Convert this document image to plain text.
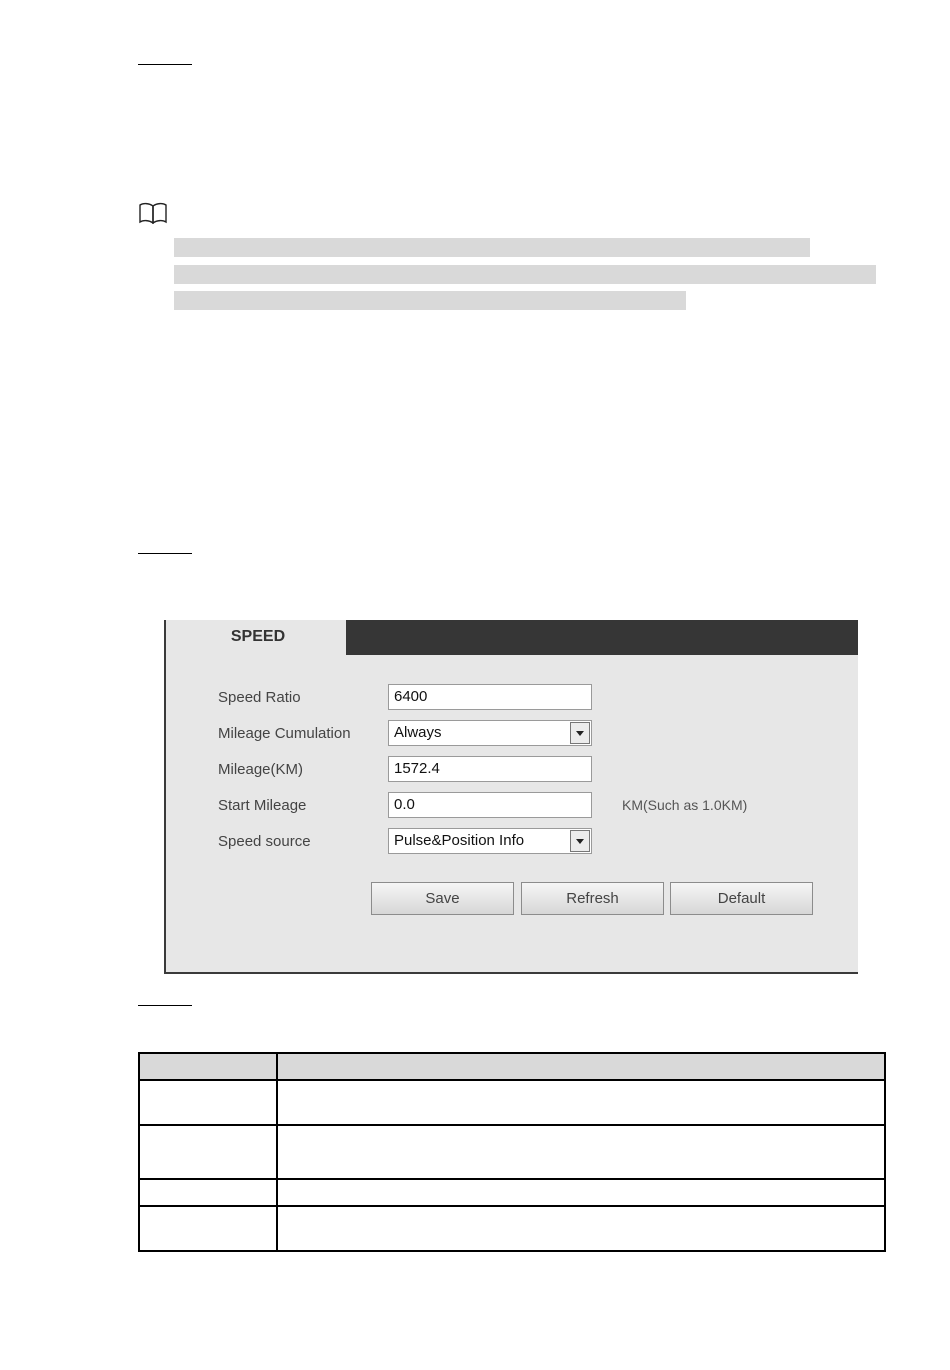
SPEED
Speed Ratio	6400
Mileage Cumulation	Always
Mileage(KM)	1572.4
Start Mileage	0.0	KM(Such as 1.0KM)
Speed source	Pulse&Position Info
Save	Refresh	Default
